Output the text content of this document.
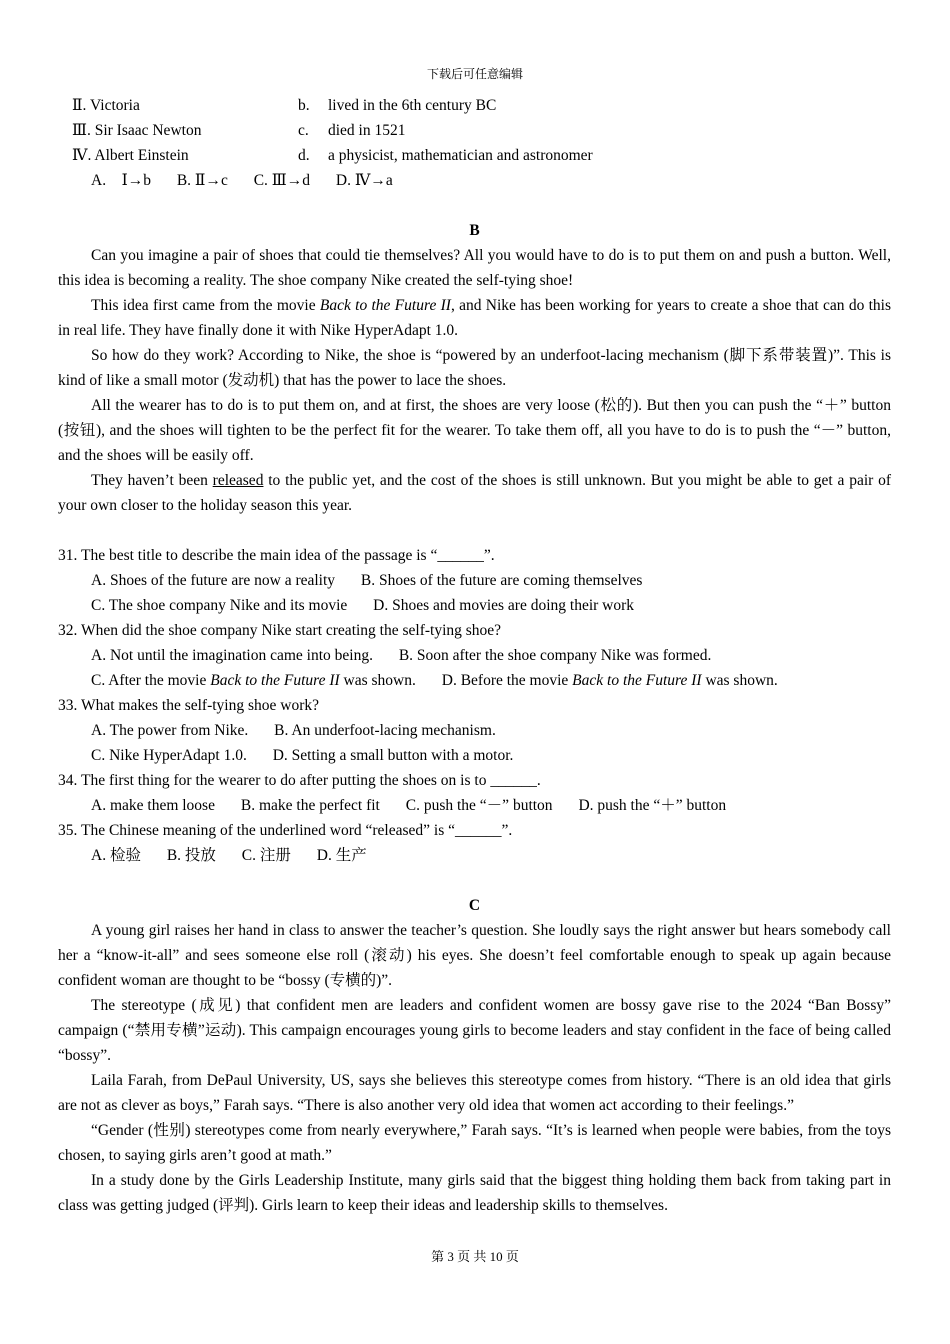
下载后可任意编辑
Ⅱ. Victoria	b.	lived in the 6th century BC
Ⅲ. Sir Isaac Newton	c.	died in 1521
Ⅳ. Albert Einstein	d.	a physicist, mathematician and astronomer
A.　Ⅰ→b B. Ⅱ→c C. Ⅲ→d D. Ⅳ→a
B

Can you imagine a pair of shoes that could tie themselves? All you would have to do is to put them on and push a button. Well, this idea is becoming a reality. The shoe company Nike created the self-tying shoe!

This idea first came from the movie Back to the Future II, and Nike has been working for years to create a shoe that can do this in real life. They have finally done it with Nike HyperAdapt 1.0.

So how do they work? According to Nike, the shoe is “powered by an underfoot-lacing mechanism (脚下系带装置)”. This is kind of like a small motor (发动机) that has the power to lace the shoes.

All the wearer has to do is to put them on, and at first, the shoes are very loose (松的). But then you can push the “＋” button (按钮), and the shoes will tighten to be the perfect fit for the wearer. To take them off, all you have to do is to push the “－” button, and the shoes will be easily off.

They haven’t been released to the public yet, and the cost of the shoes is still unknown. But you might be able to get a pair of your own closer to the holiday season this year.

31. The best title to describe the main idea of the passage is “______”.
A. Shoes of the future are now a reality B. Shoes of the future are coming themselves
C. The shoe company Nike and its movie D. Shoes and movies are doing their work
32. When did the shoe company Nike start creating the self-tying shoe?
A. Not until the imagination came into being. B. Soon after the shoe company Nike was formed.
C. After the movie Back to the Future II was shown. D. Before the movie Back to the Future II was shown.
33. What makes the self-tying shoe work?
A. The power from Nike. B. An underfoot-lacing mechanism.
C. Nike HyperAdapt 1.0. D. Setting a small button with a motor.
34. The first thing for the wearer to do after putting the shoes on is to ______.
A. make them loose B. make the perfect fit C. push the “－” button D. push the “＋” button
35. The Chinese meaning of the underlined word “released” is “______”.
A. 检验 B. 投放 C. 注册 D. 生产
C

A young girl raises her hand in class to answer the teacher’s question. She loudly says the right answer but hears somebody call her a “know-it-all” and sees someone else roll (滚动) his eyes. She doesn’t feel comfortable enough to speak up again because confident woman are thought to be “bossy (专横的)”.

The stereotype (成见) that confident men are leaders and confident women are bossy gave rise to the 2024 “Ban Bossy” campaign (“禁用专横”运动). This campaign encourages young girls to become leaders and stay confident in the face of being called “bossy”.

Laila Farah, from DePaul University, US, says she believes this stereotype comes from history. “There is an old idea that girls are not as clever as boys,” Farah says. “There is also another very old idea that women act according to their feelings.”

“Gender (性别) stereotypes come from nearly everywhere,” Farah says. “It’s is learned when people were babies, from the toys chosen, to saying girls aren’t good at math.”

In a study done by the Girls Leadership Institute, many girls said that the biggest thing holding them back from taking part in class was getting judged (评判). Girls learn to keep their ideas and leadership skills to themselves.

第 3 页 共 10 页
